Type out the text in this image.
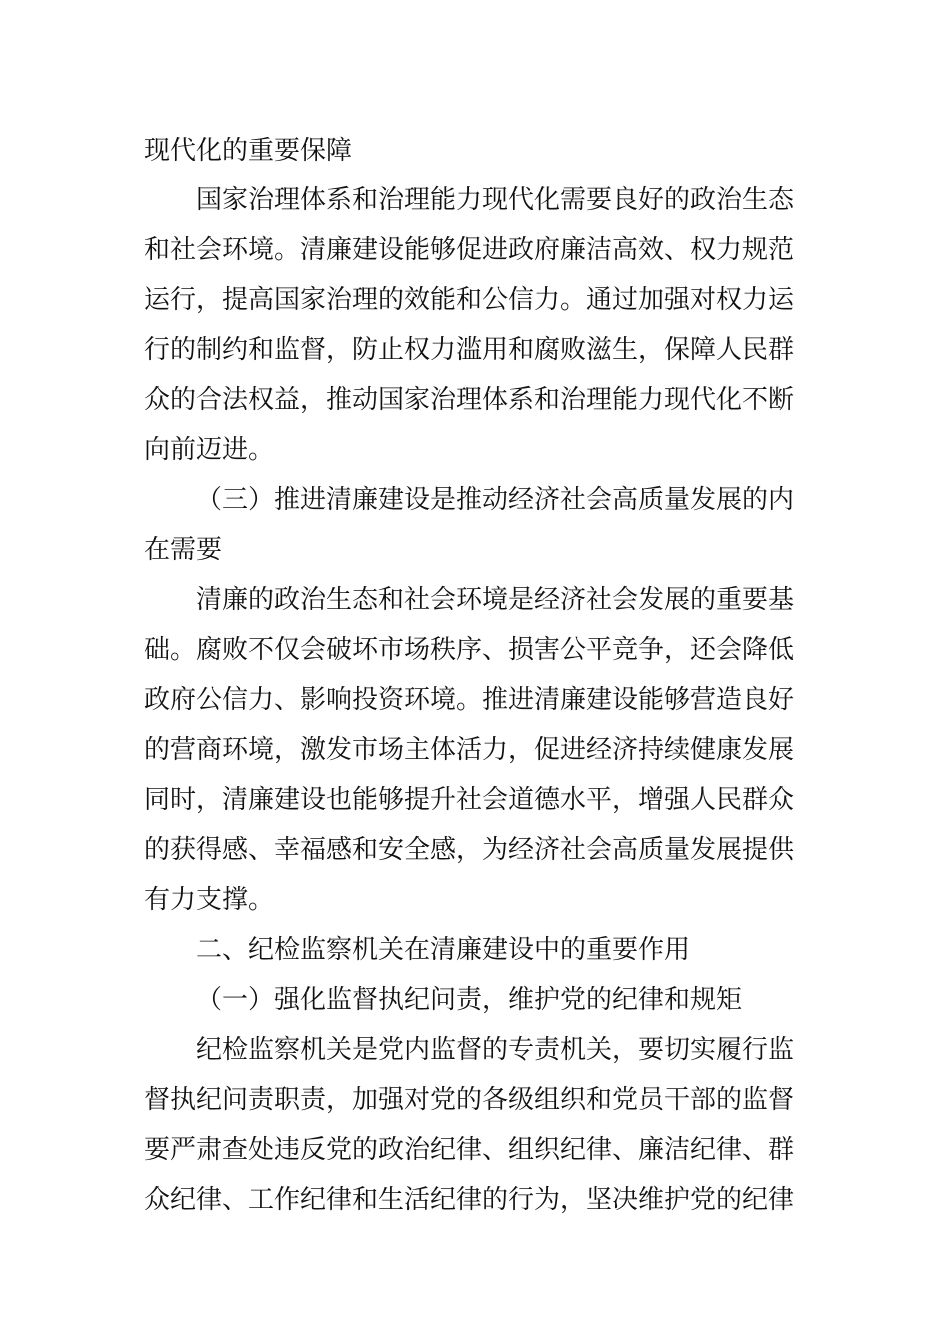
现代化的重要保障
国家治理体系和治理能力现代化需要良好的政治生态
和社会环境。清廉建设能够促进政府廉洁高效、权力规范
运行，提高国家治理的效能和公信力。通过加强对权力运
行的制约和监督，防止权力滥用和腐败滋生，保障人民群
众的合法权益，推动国家治理体系和治理能力现代化不断
向前迈进。
（三）推进清廉建设是推动经济社会高质量发展的内
在需要
清廉的政治生态和社会环境是经济社会发展的重要基
础。腐败不仅会破坏市场秩序、损害公平竞争，还会降低
政府公信力、影响投资环境。推进清廉建设能够营造良好
的营商环境，激发市场主体活力，促进经济持续健康发展
同时，清廉建设也能够提升社会道德水平，增强人民群众
的获得感、幸福感和安全感，为经济社会高质量发展提供
有力支撑。
二、纪检监察机关在清廉建设中的重要作用
（一）强化监督执纪问责，维护党的纪律和规矩
纪检监察机关是党内监督的专责机关，要切实履行监
督执纪问责职责，加强对党的各级组织和党员干部的监督
要严肃查处违反党的政治纪律、组织纪律、廉洁纪律、群
众纪律、工作纪律和生活纪律的行为，坚决维护党的纪律
